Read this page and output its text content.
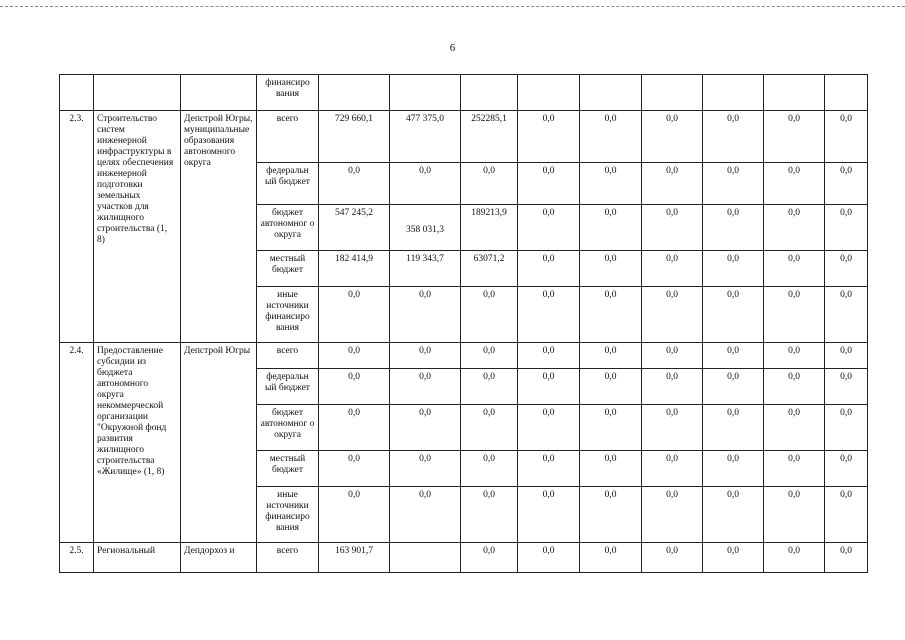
6
			финансиро вания									
2.3.	Строительство систем инженерной инфраструктуры в целях обеспечения инженерной подготовки земельных участков для жилищного строительства (1, 8)	Депстрой Югры, муниципальные образования автономного округа	всего	729 660,1	477 375,0	252285,1	0,0	0,0	0,0	0,0	0,0	0,0
			федеральн ый бюджет	0,0	0,0	0,0	0,0	0,0	0,0	0,0	0,0	0,0
			бюджет автономног о округа	547 245,2	358 031,3	189213,9	0,0	0,0	0,0	0,0	0,0	0,0
			местный бюджет	182 414,9	119 343,7	63071,2	0,0	0,0	0,0	0,0	0,0	0,0
			иные источники финансиро вания	0,0	0,0	0,0	0,0	0,0	0,0	0,0	0,0	0,0
2.4.	Предоставление субсидии из бюджета автономного округа некоммерческой организации "Окружной фонд развития жилищного строительства «Жилище» (1, 8)	Депстрой Югры	всего	0,0	0,0	0,0	0,0	0,0	0,0	0,0	0,0	0,0
			федеральн ый бюджет	0,0	0,0	0,0	0,0	0,0	0,0	0,0	0,0	0,0
			бюджет автономног о округа	0,0	0,0	0,0	0,0	0,0	0,0	0,0	0,0	0,0
			местный бюджет	0,0	0,0	0,0	0,0	0,0	0,0	0,0	0,0	0,0
			иные источники финансиро вания	0,0	0,0	0,0	0,0	0,0	0,0	0,0	0,0	0,0
2.5.	Региональный	Депдорхоз и	всего	163 901,7		0,0	0,0	0,0	0,0	0,0	0,0	0,0
